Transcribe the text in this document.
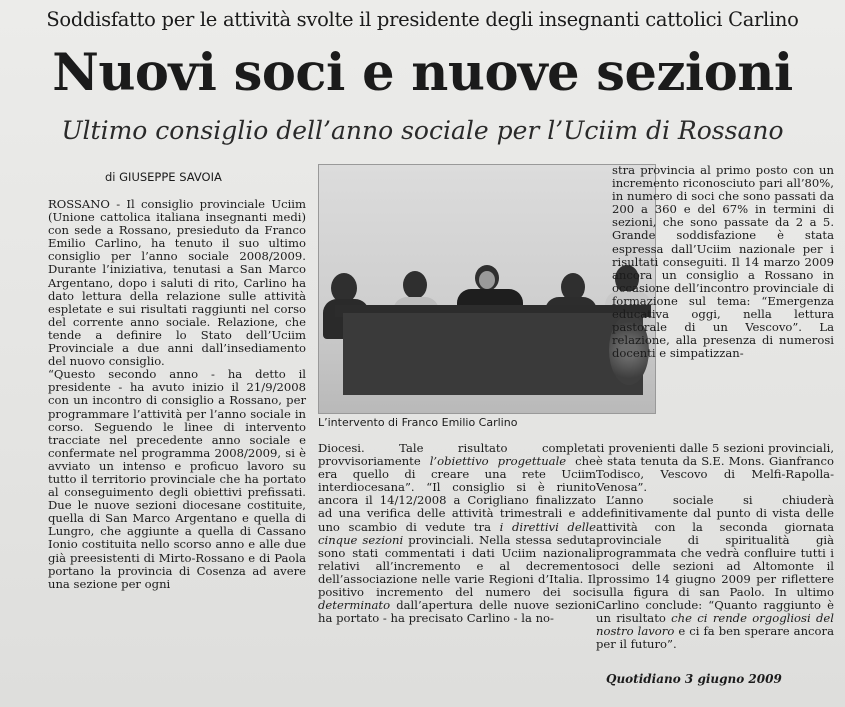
Soddisfatto per le attività svolte il presidente degli insegnanti cattolici Carlino
Nuovi soci e nuove sezioni
Ultimo consiglio dell’anno sociale per l’Uciim di Rossano
di GIUSEPPE SAVOIA

ROSSANO - Il consiglio provinciale Uciim (Unione cattolica italiana insegnanti medi) con sede a Rossano, presieduto da Franco Emilio Carlino, ha tenuto il suo ultimo consiglio per l’anno sociale 2008/2009. Durante l’iniziativa, tenutasi a San Marco Argentano, dopo i saluti di rito, Carlino ha dato lettura della relazione sulle attività espletate e sui risultati raggiunti nel corso del corrente anno sociale. Relazione, che tende a definire lo Stato dell’Uciim Provinciale a due anni dall’insediamento del nuovo consiglio.

“Questo secondo anno - ha detto il presidente - ha avuto inizio il 21/9/2008 con un incontro di consiglio a Rossano, per programmare l’attività per l’anno sociale in corso. Seguendo le linee di intervento tracciate nel precedente anno sociale e confermate nel programma 2008/2009, si è avviato un intenso e proficuo lavoro su tutto il territorio provinciale che ha portato al conseguimento degli obiettivi prefissati. Due le nuove sezioni diocesane costituite, quella di San Marco Argentano e quella di Lungro, che aggiunte a quella di Cassano Ionio costituita nello scorso anno e alle due già preesistenti di Mirto-Rossano e di Paola portano la provincia di Cosenza ad avere una sezione per ogni

L’intervento di Franco Emilio Carlino

Diocesi. Tale risultato completa provvisoriamente l’obiettivo progettuale che era quello di creare una rete Uciim interdiocesana”. “Il consiglio si è riunito ancora il 14/12/2008 a Corigliano finalizzato ad una verifica delle attività trimestrali e ad uno scambio di vedute tra i direttivi delle cinque sezioni provinciali. Nella stessa seduta sono stati commentati i dati Uciim nazionali relativi all’incremento e al decremento dell’associazione nelle varie Regioni d’Italia. Il positivo incremento del numero dei soci determinato dall’apertura delle nuove sezioni ha portato - ha precisato Carlino - la no-

stra provincia al primo posto con un incremento riconosciuto pari all’80%, in numero di soci che sono passati da 200 a 360 e del 67% in termini di sezioni, che sono passate da 2 a 5. Grande soddisfazione è stata espressa dall’Uciim nazionale per i risultati conseguiti. Il 14 marzo 2009 ancora un consiglio a Rossano in occasione dell’incontro provinciale di formazione sul tema: “Emergenza educativa oggi, nella lettura pastorale di un Vescovo”. La relazione, alla presenza di numerosi docenti e simpatizzan-

ti provenienti dalle 5 sezioni provinciali, è stata tenuta da S.E. Mons. Gianfranco Todisco, Vescovo di Melfi-Rapolla-Venosa”.

L’anno sociale si chiuderà definitivamente dal punto di vista delle attività con la seconda giornata provinciale di spiritualità già programmata che vedrà confluire tutti i soci delle sezioni ad Altomonte il prossimo 14 giugno 2009 per riflettere sulla figura di san Paolo. In ultimo Carlino conclude: “Quanto raggiunto è un risultato che ci rende orgogliosi del nostro lavoro e ci fa ben sperare ancora per il futuro”.

Quotidiano 3 giugno 2009
